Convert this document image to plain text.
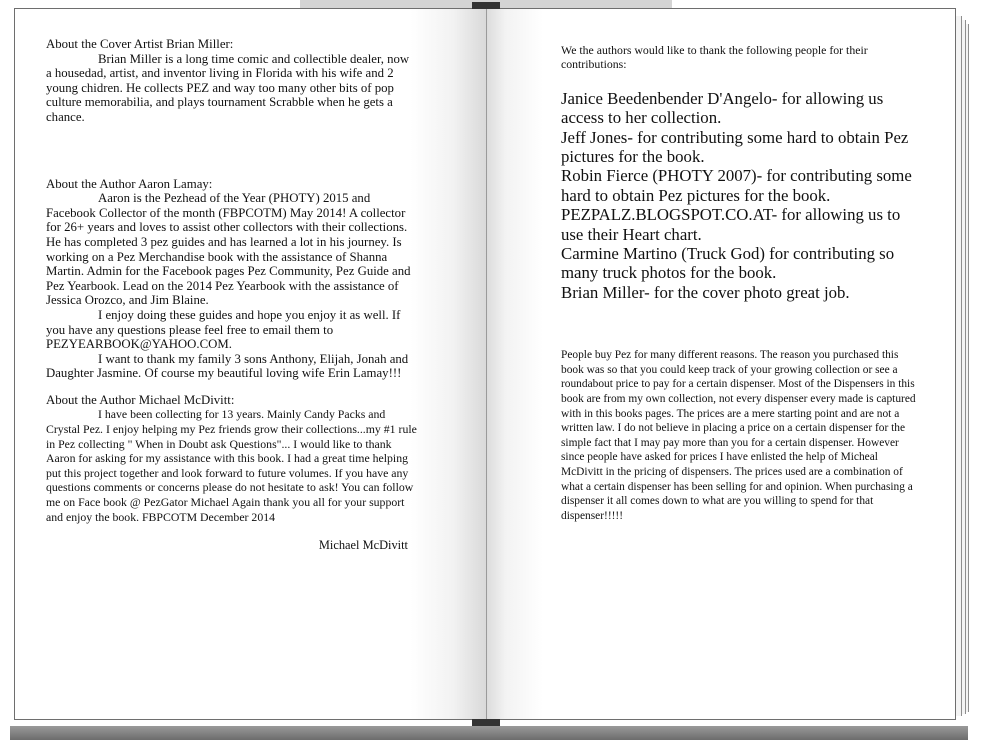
About the Cover Artist Brian Miller:

Brian Miller is a long time comic and collectible dealer, now a housedad, artist, and inventor living in Florida with his wife and 2 young chidren. He collects PEZ and way too many other bits of pop culture memorabilia, and plays tournament Scrabble when he gets a chance.

About the Author Aaron Lamay:

Aaron is the Pezhead of the Year (PHOTY) 2015 and Facebook Collector of the month (FBPCOTM) May 2014! A collector for 26+ years and loves to assist other collectors with their collections. He has completed 3 pez guides and has learned a lot in his journey. Is working on a Pez Merchandise book with the assistance of Shanna Martin. Admin for the Facebook pages Pez Community, Pez Guide and Pez Yearbook. Lead on the 2014 Pez Yearbook with the assistance of Jessica Orozco, and Jim Blaine.

I enjoy doing these guides and hope you enjoy it as well. If you have any questions please feel free to email them to PEZYEARBOOK@YAHOO.COM.

I want to thank my family 3 sons Anthony, Elijah, Jonah and Daughter Jasmine. Of course my beautiful loving wife Erin Lamay!!!

About the Author Michael McDivitt:

I have been collecting for 13 years. Mainly Candy Packs and Crystal Pez. I enjoy helping my Pez friends grow their collections...my #1 rule in Pez collecting " When in Doubt ask Questions"... I would like to thank Aaron for asking for my assistance with this book. I had a great time helping put this project together and look forward to future volumes. If you have any questions comments or concerns please do not hesitate to ask! You can follow me on Face book @ PezGator Michael Again thank you all for your support and enjoy the book. FBPCOTM December 2014

Michael McDivitt

We the authors would like to thank the following people for their contributions:

Janice Beedenbender D'Angelo- for allowing us access to her collection.

Jeff Jones- for contributing some hard to obtain Pez pictures for the book.

Robin Fierce (PHOTY 2007)- for contributing some hard to obtain Pez pictures for the book.

PEZPALZ.BLOGSPOT.CO.AT- for allowing us to use their Heart chart.

Carmine Martino (Truck God) for contributing so many truck photos for the book.

Brian Miller- for the cover photo great job.

People buy Pez for many different reasons. The reason you purchased this book was so that you could keep track of your growing collection or see a roundabout price to pay for a certain dispenser. Most of the Dispensers in this book are from my own collection, not every dispenser every made is captured with in this books pages. The prices are a mere starting point and are not a written law. I do not believe in placing a price on a certain dispenser for the simple fact that I may pay more than you for a certain dispenser. However since people have asked for prices I have enlisted the help of Micheal McDivitt in the pricing of dispensers. The prices used are a combination of what a certain dispenser has been selling for and opinion. When purchasing a dispenser it all comes down to what are you willing to spend for that dispenser!!!!!
